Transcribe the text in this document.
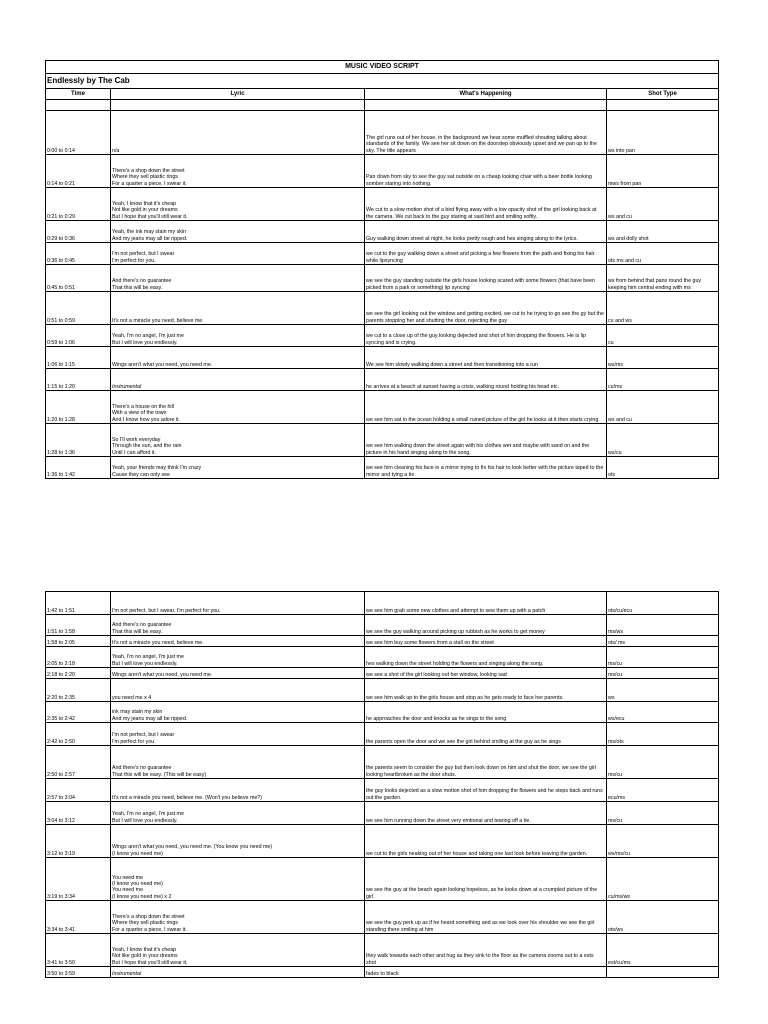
MUSIC VIDEO SCRIPT			
Endlessly by The Cab			
Time	Lyric	What's Happening	Shot Type

0:00 to 0:14	n/a	The girl runs out of her house, in the background we hear some muffled shouting talking about standards of the family. We see her sit down on the doorstep obviously upset and we pan up to the sky. The title appears	ws into pan
0:14 to 0:21	There's a shop down the street
Where they sell plastic rings
For a quarter a piece, I swear it.	Pan down from sky to see the guy sat outside on a cheap looking chair with a beer bottle looking somber staring into nothing.	mws from pan
0:21 to 0:29	Yeah, I know that it's cheap
Not like gold in your dreams
But I hope that you'll still wear it.	We cut to a slow motion shot of a bird flying away with a low opacity shot of the girl looking back at the camera. We cut back to the guy staring at said bird and smiling softly.	ws and cu
0:29 to 0:36	Yeah, the ink may stain my skin
And my jeans may all be ripped.	Guy walking down street at night, he looks pretty rough and hes singing along to the lyrics.	ws and dolly shot
0:36 to 0:45	I'm not perfect, but I swear
I'm perfect for you.	we cut to the guy walking down a street and picking a few flowers from the path and fixing his hair while lipsyncing	ots ms and cu
0:45 to 0:51	And there's no guarantee
That this will be easy.	we see the guy standing outside the girls house looking scared with some flowers (that have been picked from a park or something) lip syncing	ws from behind that pans round the guy keeping him central ending with ms
0:51 to 0:59	It's not a miracle you need, believe me.	we see the girl looking out the window and getting excited, we cut to he trying to go see the gy but the parents stopping her and shutting the door, rejecting the guy	cu and ws
0:59 to 1:06	Yeah, I'm no angel, I'm just me
But I will love you endlessly.	we cut to a close up of the guy looking dejected and shot of him dropping the flowers. He is lip syncing and is crying.	cu
1:06 to 1:15	Wings aren't what you need, you need me.	We see him slowly walking down a street and then transitioning into a run	ws/ms
1:15 to 1:20	Instrumental	he arrives at a beach at sunset having a crisis, walking round holding his head etc.	cu/ms
1:20 to 1:28	There's a house on the hill
With a view of the town
And I know how you adore it.	we see him sat in the ocean holding a small ruined picture of the girl he looks at it then starts crying	ws and cu
1:28 to 1:36	So I'll work everyday
Through the sun, and the rain
Until I can afford it.	we see him walking down the street again with his clothes wet and maybe with sand on and the picture in his hand singing along to the song.	ws/cu
1:36 to 1:42	Yeah, your friends may think I'm crazy
Cause they can only see	we see him cleaning his face in a mirror trying to fix his hair to look better with the picture taped to the mirror and tying a tie	ots
1:42 to 1:51	I'm not perfect, but I swear, I'm perfect for you.	we see him grab some new clothes and attempt to sew them up with a patch	ots/cu/ecu
1:51 to 1:58	And there's no guarantee
That this will be easy.	we see the guy walking around picking up rubbish as he works to get money	ms/ws
1:58 to 2:05	It's not a miracle you need, believe me.	we see him buy some flowers from a stall on the street	ots/ ms
2:05 to 2:18	Yeah, I'm no angel, I'm just me
But I will love you endlessly.	hes walking down the street holding the flowers and singing along the song.	ms/cu
2:18 to 2:20	Wings aren't what you need, you need me.	we see a shot of the girl looking out her window, looking sad	ms/cu
2:20 to 2:35	you need me x 4	we see him walk up to the girls house and stop as he gets ready to face her parents.	ws
2:35 to 2:42	ink may stain my skin
And my jeans may all be ripped.	he approaches the door and knocks as he sings to the song	ws/ecu
2:42 to 2:50	I'm not perfect, but I swear
I'm perfect for you	the parents open the door and we see the girl behind smiling at the guy as he sings	ms/ots
2:50 to 2:57	And there's no guarantee
That this will be easy. (This will be easy)	the parents seem to consider the guy but then look down on him and shut the door, we see the girl looking heartbroken as the door shuts.	ms/cu
2:57 to 3:04	It's not a miracle you need, believe me. (Won't you believe me?)	the guy looks dejected as a slow motion shot of him dropping the flowers and he steps back and runs out the garden.	ecu/ms
3:04 to 3:12	Yeah, I'm no angel, I'm just me
But I will love you endlessly.	we see him running down the street very emtional and tearing off a tie.	ms/cu
3:12 to 3:19	Wings aren't what you need, you need me. (You know you need me)
(I know you need me)	we cut to the girls neaking out of her house and taking one last look before leaving the garden.	ws/ms/cu
3:19 to 3:34	You need me
(I know you need me)
You need me
(I know you need me) x 2	we see the guy at the beach again looking hopeless, as he looks down at a crumpled picture of the girl.	cu/ms/ws
3:34 to 3:41	There's a shop down the street
Where they sell plastic rings
For a quarter a piece, I swear it.	we see the guy perk up as if he heard something and as we look over his shoulder we see the girl standing there smiling at him	ots/ws
3:41 to 3:50	Yeah, I know that it's cheap
Not like gold in your dreams
But I hope that you'll still wear it.	they walk towards each other and hug as they sink to the floor as the camera zooms out to a ests shot	est/cu/ms
3:50 to 3:59	Instrumental	fades to black	
